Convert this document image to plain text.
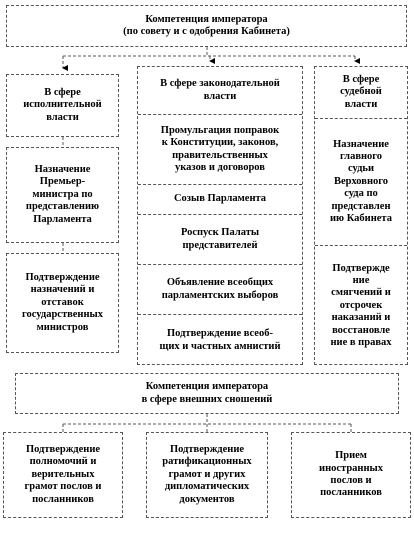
Компетенция императора
(по совету и с одобрения Кабинета)
В сфере
исполнительной
власти
Назначение
Премьер-
министра по
представлению
Парламента
Подтверждение
назначений и
отставок
государственных
министров
В сфере законодательной
власти
Промульгация поправок
к Конституции, законов,
правительственных
указов и договоров
Созыв Парламента
Роспуск Палаты
представителей
Объявление всеобщих
парламентских выборов
Подтверждение всеоб-
щих и частных амнистий
В сфере
судебной
власти
Назначение
главного
судьи
Верховного
суда по
представлен
ию Кабинета
Подтвержде
ние
смягчений и
отсрочек
наказаний и
восстановле
ние в правах
Компетенция императора
в сфере внешних сношений
Подтверждение
полномочий и
верительных
грамот послов и
посланников
Подтверждение
ратификационных
грамот и других
дипломатических
документов
Прием
иностранных
послов и
посланников
